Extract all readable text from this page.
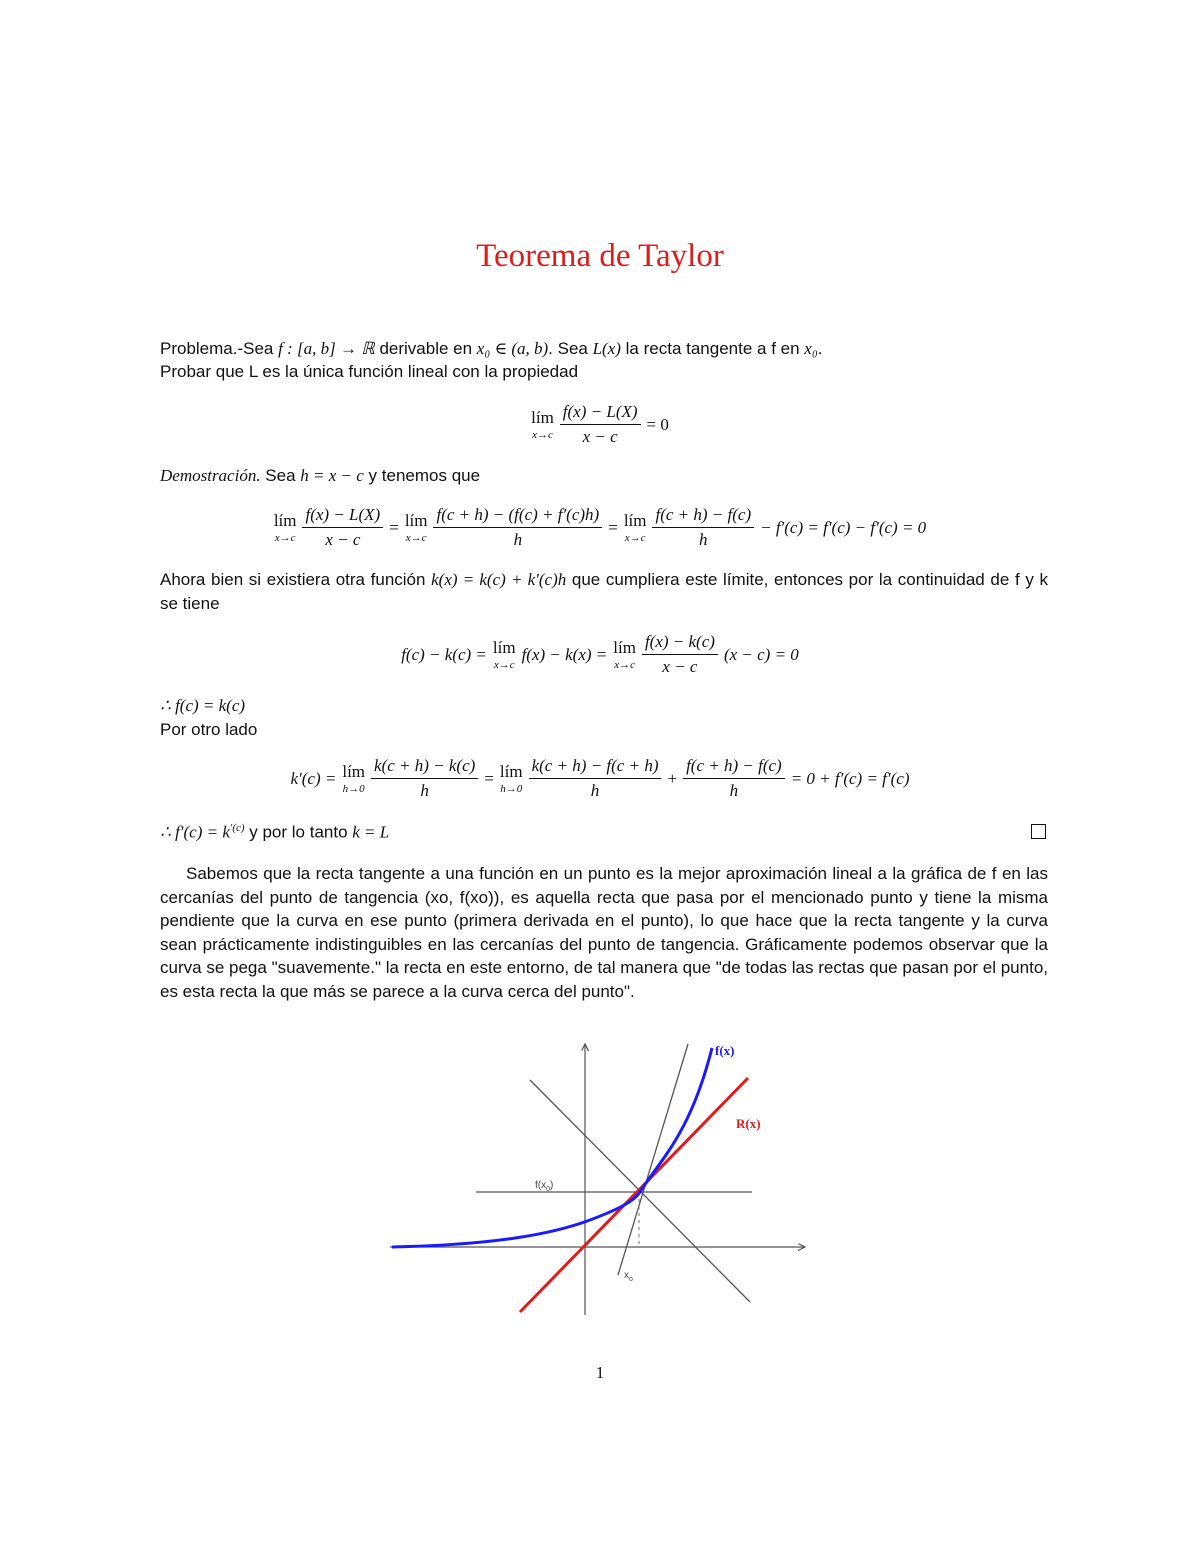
Teorema de Taylor
Problema.-Sea f : [a, b] → ℝ derivable en x₀ ∈ (a, b). Sea L(x) la recta tangente a f en x₀.
Probar que L es la única función lineal con la propiedad
lím
$x\to c \frac{f(x) - L(X)}{x - c} = 0$
Demostración. Sea h = x − c y tenemos que
lím
$x\to c \frac{f(x) - L(X)}{x - c}$ = lím
$x\to c \frac{f(c + h) - (f(c) + f'(c)h)}{h}$ = lím
$x\to c \frac{f(c + h) - f(c)}{h} - f'(c) = f'(c) - f'(c) = 0$
Ahora bien si existiera otra función k(x) = k(c) + k′(c)h que cumpliera este límite, entonces por la continuidad de f y k se tiene
f(c) − k(c) = lím
x→c
f(x) − k(x) = lím
$x\to c \frac{f(x) - k(c)}{x - c} (x - c) = 0$
∴ f(c) = k(c)
Por otro lado
k′(c) = lím
$h\to 0 \frac{k(c + h) - k(c)}{h}$ = lím
$h\to 0 \frac{k(c + h) - f(c + h)}{h} + \frac{f(c + h) - f(c)}{h} = 0 + f'(c) = f'(c)$
∴ $f'(c) = k^{'(c)}$ y por lo tanto k = L
Sabemos que la recta tangente a una función en un punto es la mejor aproximación lineal a la gráfica de f en las cercanías del punto de tangencia (xo, f(xo)), es aquella recta que pasa por el mencionado punto y tiene la misma pendiente que la curva en ese punto (primera derivada en el punto), lo que hace que la recta tangente y la curva sean prácticamente indistinguibles en las cercanías del punto de tangencia. Gráficamente podemos observar que la curva se pega "suavemente." la recta en este entorno, de tal manera que "de todas las rectas que pasan por el punto, es esta recta la que más se parece a la curva cerca del punto".
f(x)
R(x)
$f(x_0)$
$x_o$
1
